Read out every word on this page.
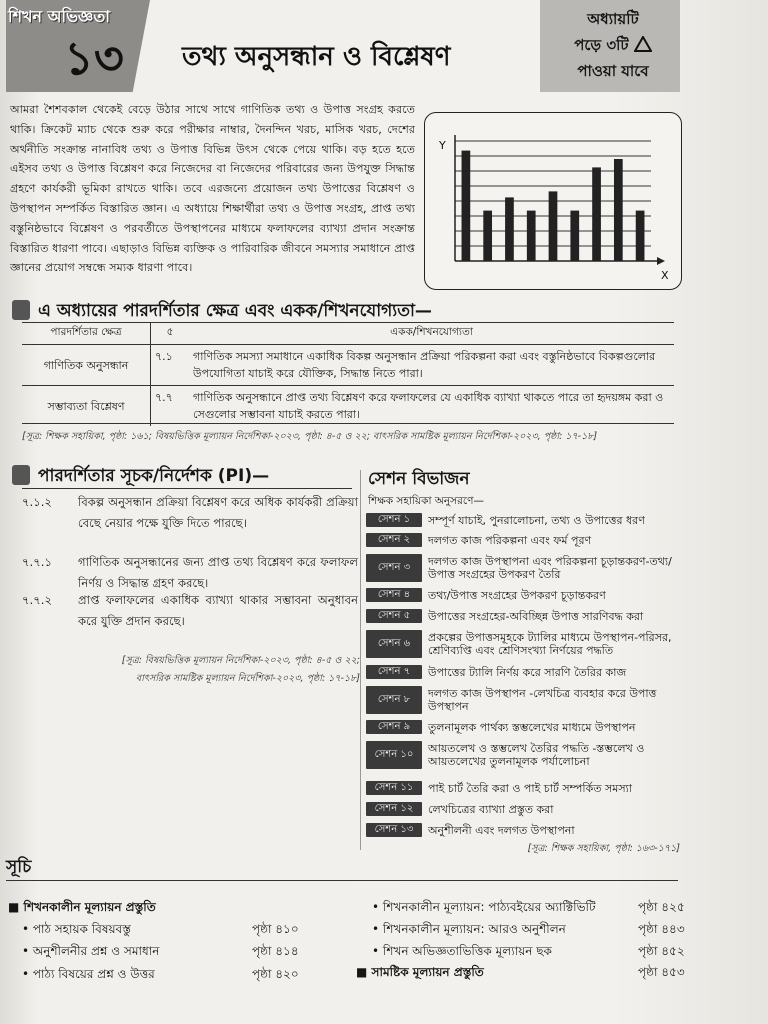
শিখন অভিজ্ঞতা
১৩ তথ্য অনুসন্ধান ও বিশ্লেষণ
অধ্যায়টি
পড়ে ৩টি
পাওয়া যাবে
আমরা শৈশবকাল থেকেই বেড়ে উঠার সাথে সাথে গাণিতিক তথ্য ও উপাত্ত সংগ্রহ করতে থাকি। ক্রিকেট ম্যাচ থেকে শুরু করে পরীক্ষার নাম্বার, দৈনন্দিন খরচ, মাসিক খরচ, দেশের অর্থনীতি সংক্রান্ত নানাবিধ তথ্য ও উপাত্ত বিভিন্ন উৎস থেকে পেয়ে থাকি। বড় হতে হতে এইসব তথ্য ও উপাত্ত বিশ্লেষণ করে নিজেদের বা নিজেদের পরিবারের জন্য উপযুক্ত সিদ্ধান্ত গ্রহণে কার্যকরী ভূমিকা রাখতে থাকি। তবে এরজন্যে প্রয়োজন তথ্য উপাত্তের বিশ্লেষণ ও উপস্থাপন সম্পর্কিত বিস্তারিত জ্ঞান। এ অধ্যায়ে শিক্ষার্থীরা তথ্য ও উপাত্ত সংগ্রহ, প্রাপ্ত তথ্য বস্তুনিষ্ঠভাবে বিশ্লেষণ ও পরবর্তীতে উপস্থাপনের মাধ্যমে ফলাফলের ব্যাখ্যা প্রদান সংক্রান্ত বিস্তারিত ধারণা পাবে। এছাড়াও বিভিন্ন ব্যক্তিক ও পারিবারিক জীবনে সমস্যার সমাধানে প্রাপ্ত জ্ঞানের প্রয়োগ সম্বন্ধে সম্যক ধারণা পাবে।
Y
X
এ অধ্যায়ের পারদর্শিতার ক্ষেত্র এবং একক/শিখনযোগ্যতা—
পারদর্শিতার ক্ষেত্র	৫	একক/শিখনযোগ্যতা
গাণিতিক অনুসন্ধান	৭.১	গাণিতিক সমস্যা সমাধানে একাধিক বিকল্প অনুসন্ধান প্রক্রিয়া পরিকল্পনা করা এবং বস্তুনিষ্ঠভাবে বিকল্পগুলোর উপযোগিতা যাচাই করে যৌক্তিক, সিদ্ধান্ত নিতে পারা।
সম্ভাব্যতা বিশ্লেষণ	৭.৭	গাণিতিক অনুসন্ধানে প্রাপ্ত তথ্য বিশ্লেষণ করে ফলাফলের যে একাধিক ব্যাখ্যা থাকতে পারে তা হৃদয়ঙ্গম করা ও সেগুলোর সম্ভাবনা যাচাই করতে পারা।
[সূত্র: শিক্ষক সহায়িকা, পৃষ্ঠা: ১৬১; বিষয়ভিত্তিক মূল্যায়ন নির্দেশিকা-২০২৩, পৃষ্ঠা: ৪-৫ ও ২২; বাৎসরিক সামষ্টিক মূল্যায়ন নির্দেশিকা-২০২৩, পৃষ্ঠা: ১৭-১৮]
পারদর্শিতার সূচক/নির্দেশক (PI)—
৭.১.২	বিকল্প অনুসন্ধান প্রক্রিয়া বিশ্লেষণ করে অধিক কার্যকরী প্রক্রিয়া বেছে নেয়ার পক্ষে যুক্তি দিতে পারছে।
৭.৭.১	গাণিতিক অনুসন্ধানের জন্য প্রাপ্ত তথ্য বিশ্লেষণ করে ফলাফল নির্ণয় ও সিদ্ধান্ত গ্রহণ করছে।
৭.৭.২	প্রাপ্ত ফলাফলের একাধিক ব্যাখ্যা থাকার সম্ভাবনা অনুধাবন করে যুক্তি প্রদান করছে।
[সূত্র: বিষয়ভিত্তিক মূল্যায়ন নির্দেশিকা-২০২৩, পৃষ্ঠা: ৪-৫ ও ২২;
বাৎসরিক সামষ্টিক মূল্যায়ন নির্দেশিকা-২০২৩, পৃষ্ঠা: ১৭-১৮]
সেশন বিভাজন
শিক্ষক সহায়িকা অনুসরণে—
সেশন ১	সম্পূর্ণ যাচাই, পুনরালোচনা, তথ্য ও উপাত্তের ধরণ
সেশন ২	দলগত কাজ পরিকল্পনা এবং ফর্ম পূরণ
সেশন ৩	দলগত কাজ উপস্থাপনা এবং পরিকল্পনা চূড়ান্তকরণ-তথ্য/উপাত্ত সংগ্রহের উপকরণ তৈরি
সেশন ৪	তথ্য/উপাত্ত সংগ্রহের উপকরণ চূড়ান্তকরণ
সেশন ৫	উপাত্তের সংগ্রহের-অবিচ্ছিন্ন উপাত্ত সারণিবদ্ধ করা
সেশন ৬	প্রকল্পের উপাত্তসমূহকে ট্যালির মাধ্যমে উপস্থাপন-পরিসর, শ্রেণিব্যপ্তি এবং শ্রেণিসংখ্যা নির্ণয়ের পদ্ধতি
সেশন ৭	উপাত্তের ট্যালি নির্ণয় করে সারণি তৈরির কাজ
সেশন ৮	দলগত কাজ উপস্থাপন -লেখচিত্র ব্যবহার করে উপাত্ত উপস্থাপন
সেশন ৯	তুলনামূলক পার্থক্য স্তম্ভলেখের মাধ্যমে উপস্থাপন
সেশন ১০	আয়তলেখ ও স্তম্ভলেখ তৈরির পদ্ধতি -স্তম্ভলেখ ও আয়তলেখের তুলনামূলক পর্যালোচনা
সেশন ১১	পাই চার্ট তৈরি করা ও পাই চার্ট সম্পর্কিত সমস্যা
সেশন ১২	লেখচিত্রের ব্যাখ্যা প্রস্তুত করা
সেশন ১৩	অনুশীলনী এবং দলগত উপস্থাপনা
[সূত্র: শিক্ষক সহায়িকা, পৃষ্ঠা: ১৬৩-১৭১]
সূচি
■ শিখনকালীন মূল্যায়ন প্রস্তুতি
• পাঠ সহায়ক বিষয়বস্তু	পৃষ্ঠা ৪১০
• অনুশীলনীর প্রশ্ন ও সমাধান	পৃষ্ঠা ৪১৪
• পাঠ্য বিষয়ের প্রশ্ন ও উত্তর	পৃষ্ঠা ৪২০
• শিখনকালীন মূল্যায়ন: পাঠ্যবইয়ের অ্যাক্টিভিটি	পৃষ্ঠা ৪২৫
• শিখনকালীন মূল্যায়ন: আরও অনুশীলন	পৃষ্ঠা ৪৪৩
• শিখন অভিজ্ঞতাভিত্তিক মূল্যায়ন ছক	পৃষ্ঠা ৪৫২
■ সামষ্টিক মূল্যায়ন প্রস্তুতি	পৃষ্ঠা ৪৫৩
